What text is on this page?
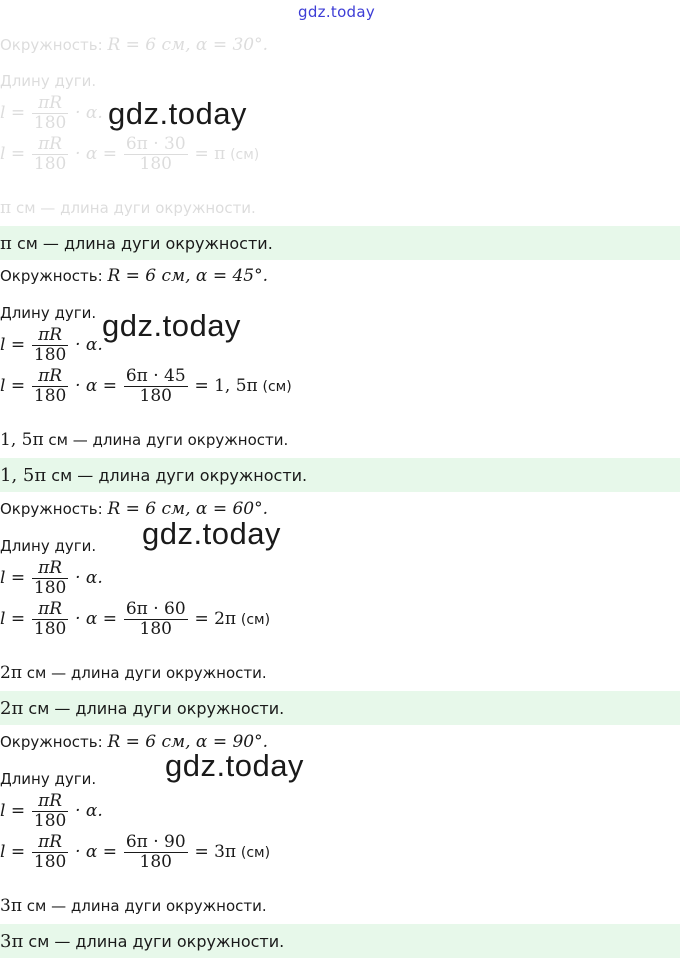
gdz.today
Окружность: R = 6 см, α = 30°.
Длину дуги.
$l = \frac{\pi R}{180} \cdot \alpha$.
$l = \frac{\pi R}{180} \cdot \alpha = \frac{6\pi \cdot 30}{180} = \pi$ (см)
π см — длина дуги окружности.
π
см — длина дуги окружности.
Окружность: R = 6 см, α = 45°.
Длину дуги.
$l = \frac{\pi R}{180} \cdot \alpha$.
$l = \frac{\pi R}{180} \cdot \alpha = \frac{6\pi \cdot 45}{180} = 1$, 5π (см)
1, 5π см — длина дуги окружности.
1, 5π
см — длина дуги окружности.
Окружность: R = 6 см, α = 60°.
Длину дуги.
$l = \frac{\pi R}{180} \cdot \alpha$.
$l = \frac{\pi R}{180} \cdot \alpha = \frac{6\pi \cdot 60}{180} = 2\pi$ (см)
2π см — длина дуги окружности.
2π
см — длина дуги окружности.
Окружность: R = 6 см, α = 90°.
Длину дуги.
$l = \frac{\pi R}{180} \cdot \alpha$.
$l = \frac{\pi R}{180} \cdot \alpha = \frac{6\pi \cdot 90}{180} = 3\pi$ (см)
3π см — длина дуги окружности.
3π
см — длина дуги окружности.
gdz.today
gdz.today
gdz.today
gdz.today
